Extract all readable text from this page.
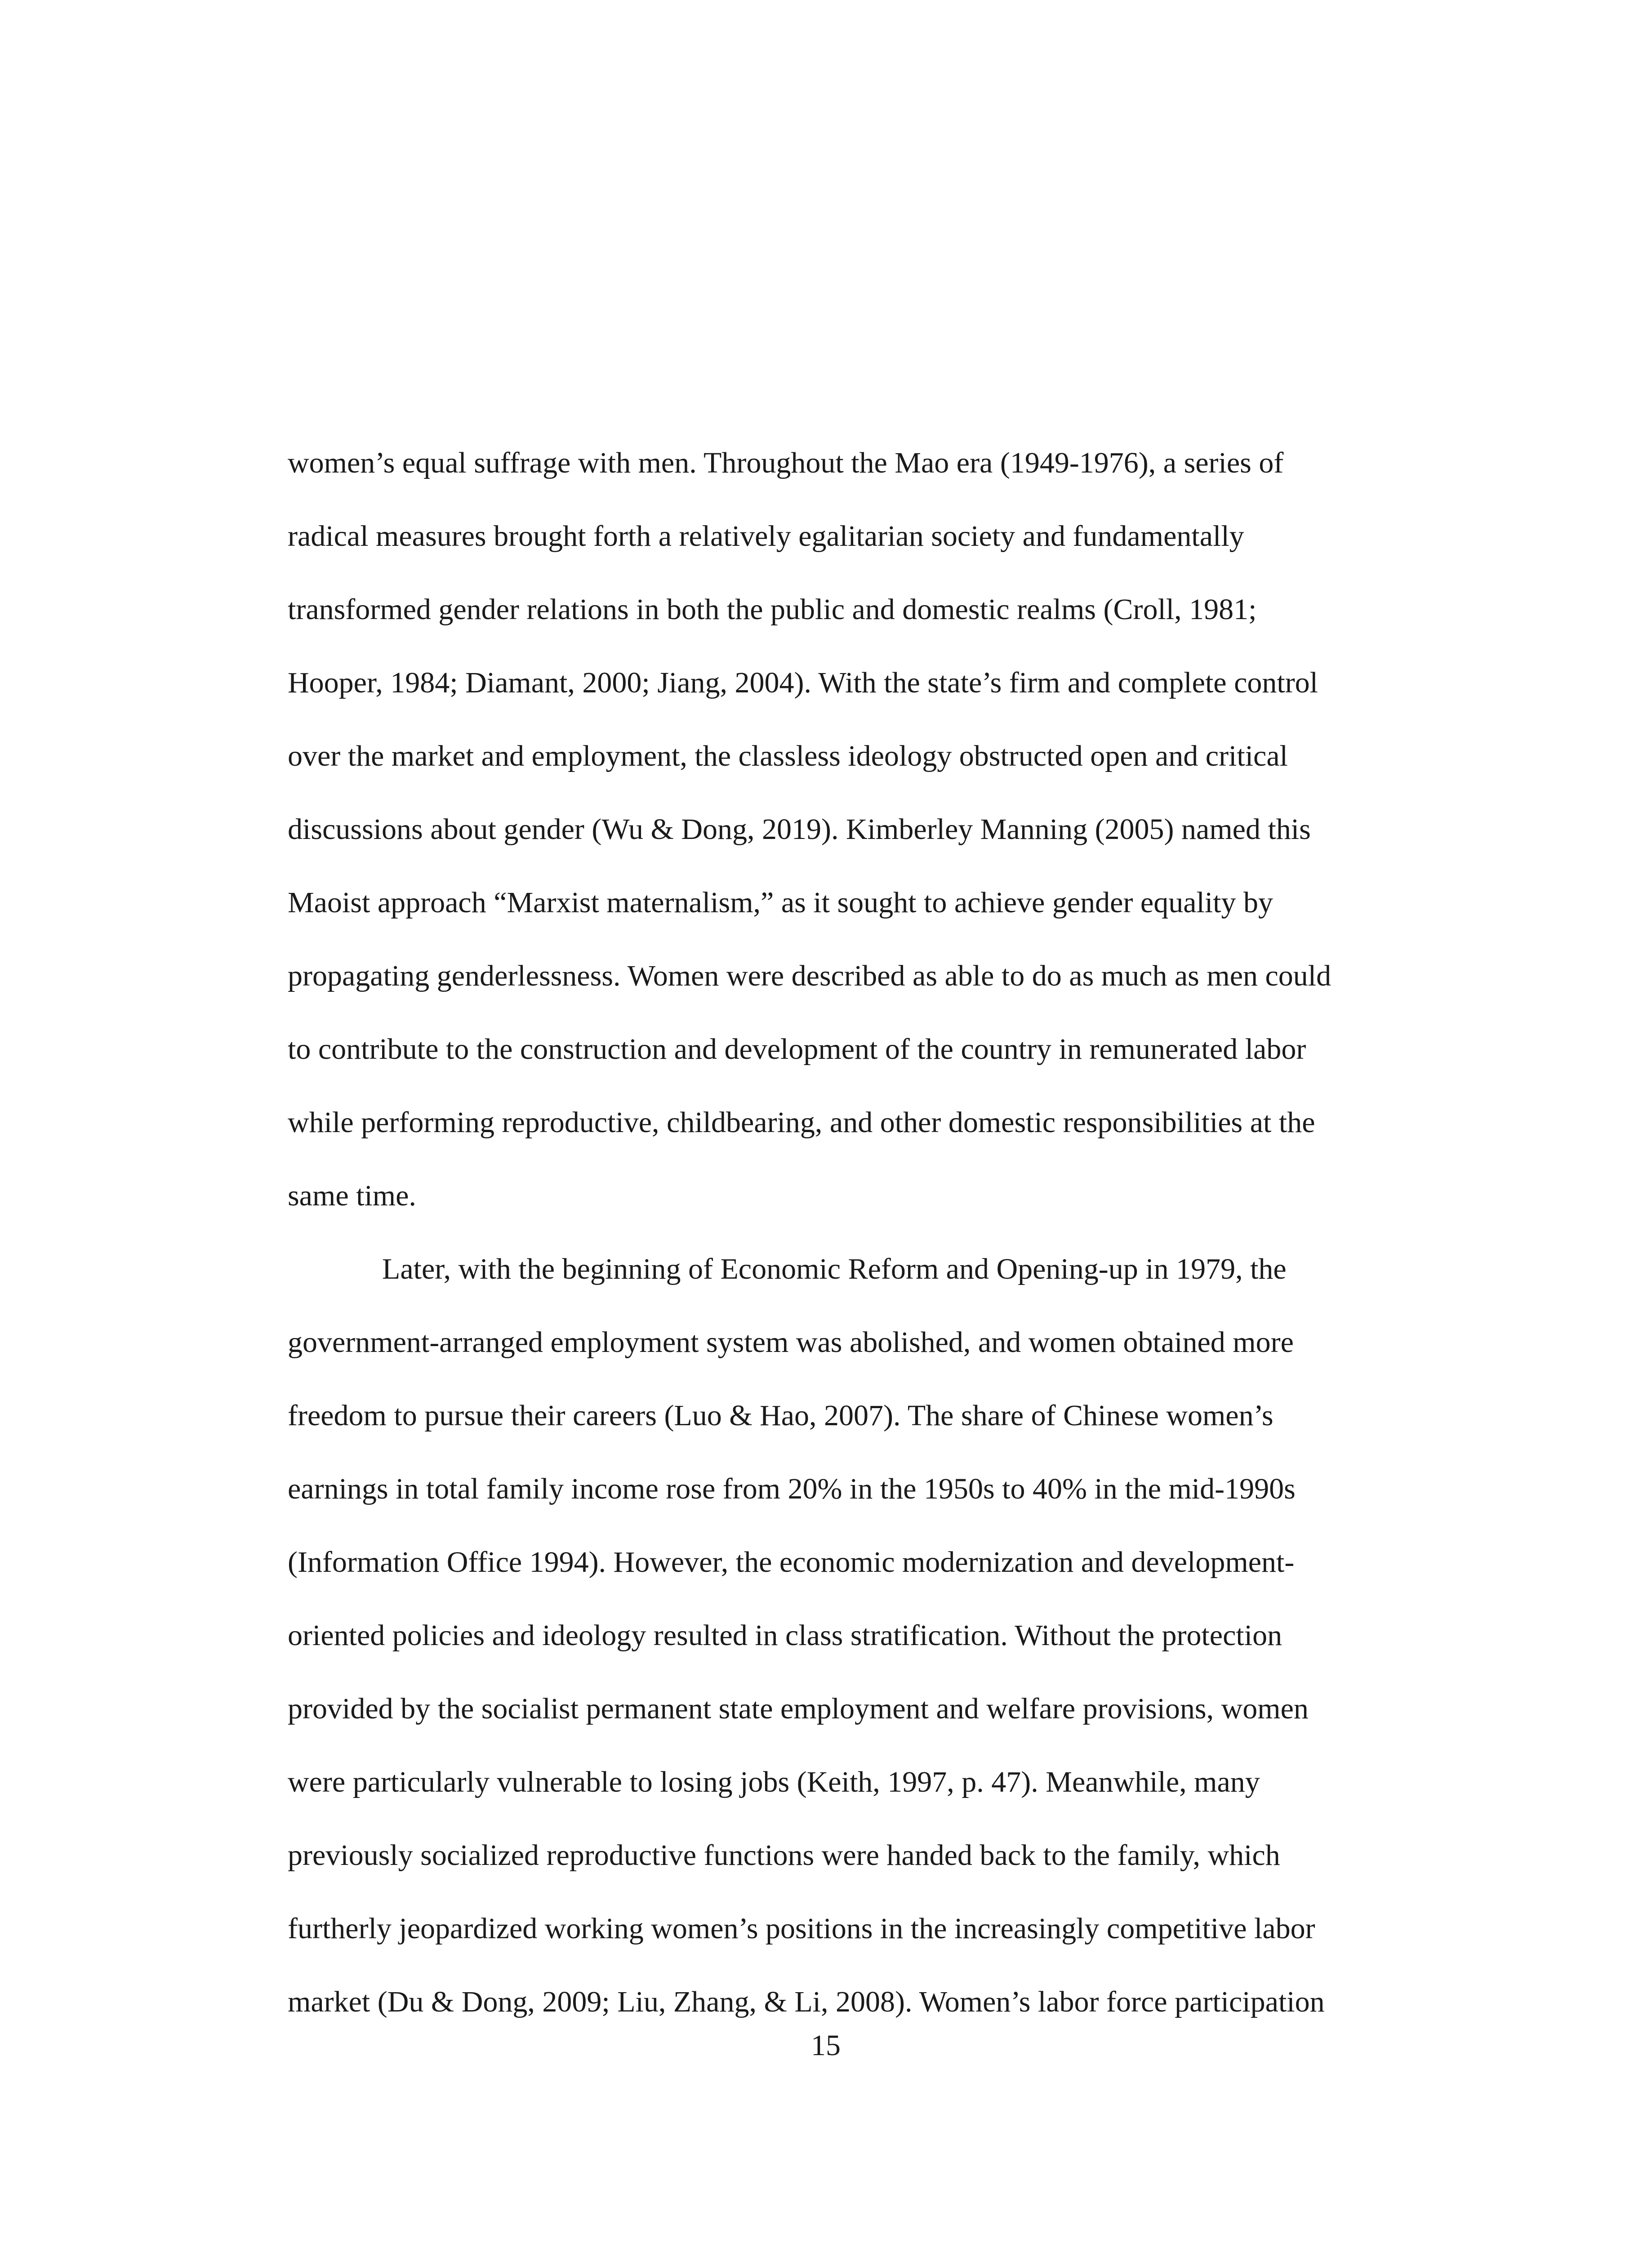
women’s equal suffrage with men. Throughout the Mao era (1949-1976), a series of
radical measures brought forth a relatively egalitarian society and fundamentally
transformed gender relations in both the public and domestic realms (Croll, 1981;
Hooper, 1984; Diamant, 2000; Jiang, 2004). With the state’s firm and complete control
over the market and employment, the classless ideology obstructed open and critical
discussions about gender (Wu & Dong, 2019). Kimberley Manning (2005) named this
Maoist approach “Marxist maternalism,” as it sought to achieve gender equality by
propagating genderlessness. Women were described as able to do as much as men could
to contribute to the construction and development of the country in remunerated labor
while performing reproductive, childbearing, and other domestic responsibilities at the
same time.
Later, with the beginning of Economic Reform and Opening-up in 1979, the
government-arranged employment system was abolished, and women obtained more
freedom to pursue their careers (Luo & Hao, 2007). The share of Chinese women’s
earnings in total family income rose from 20% in the 1950s to 40% in the mid-1990s
(Information Office 1994). However, the economic modernization and development-
oriented policies and ideology resulted in class stratification. Without the protection
provided by the socialist permanent state employment and welfare provisions, women
were particularly vulnerable to losing jobs (Keith, 1997, p. 47). Meanwhile, many
previously socialized reproductive functions were handed back to the family, which
furtherly jeopardized working women’s positions in the increasingly competitive labor
market (Du & Dong, 2009; Liu, Zhang, & Li, 2008). Women’s labor force participation
15
